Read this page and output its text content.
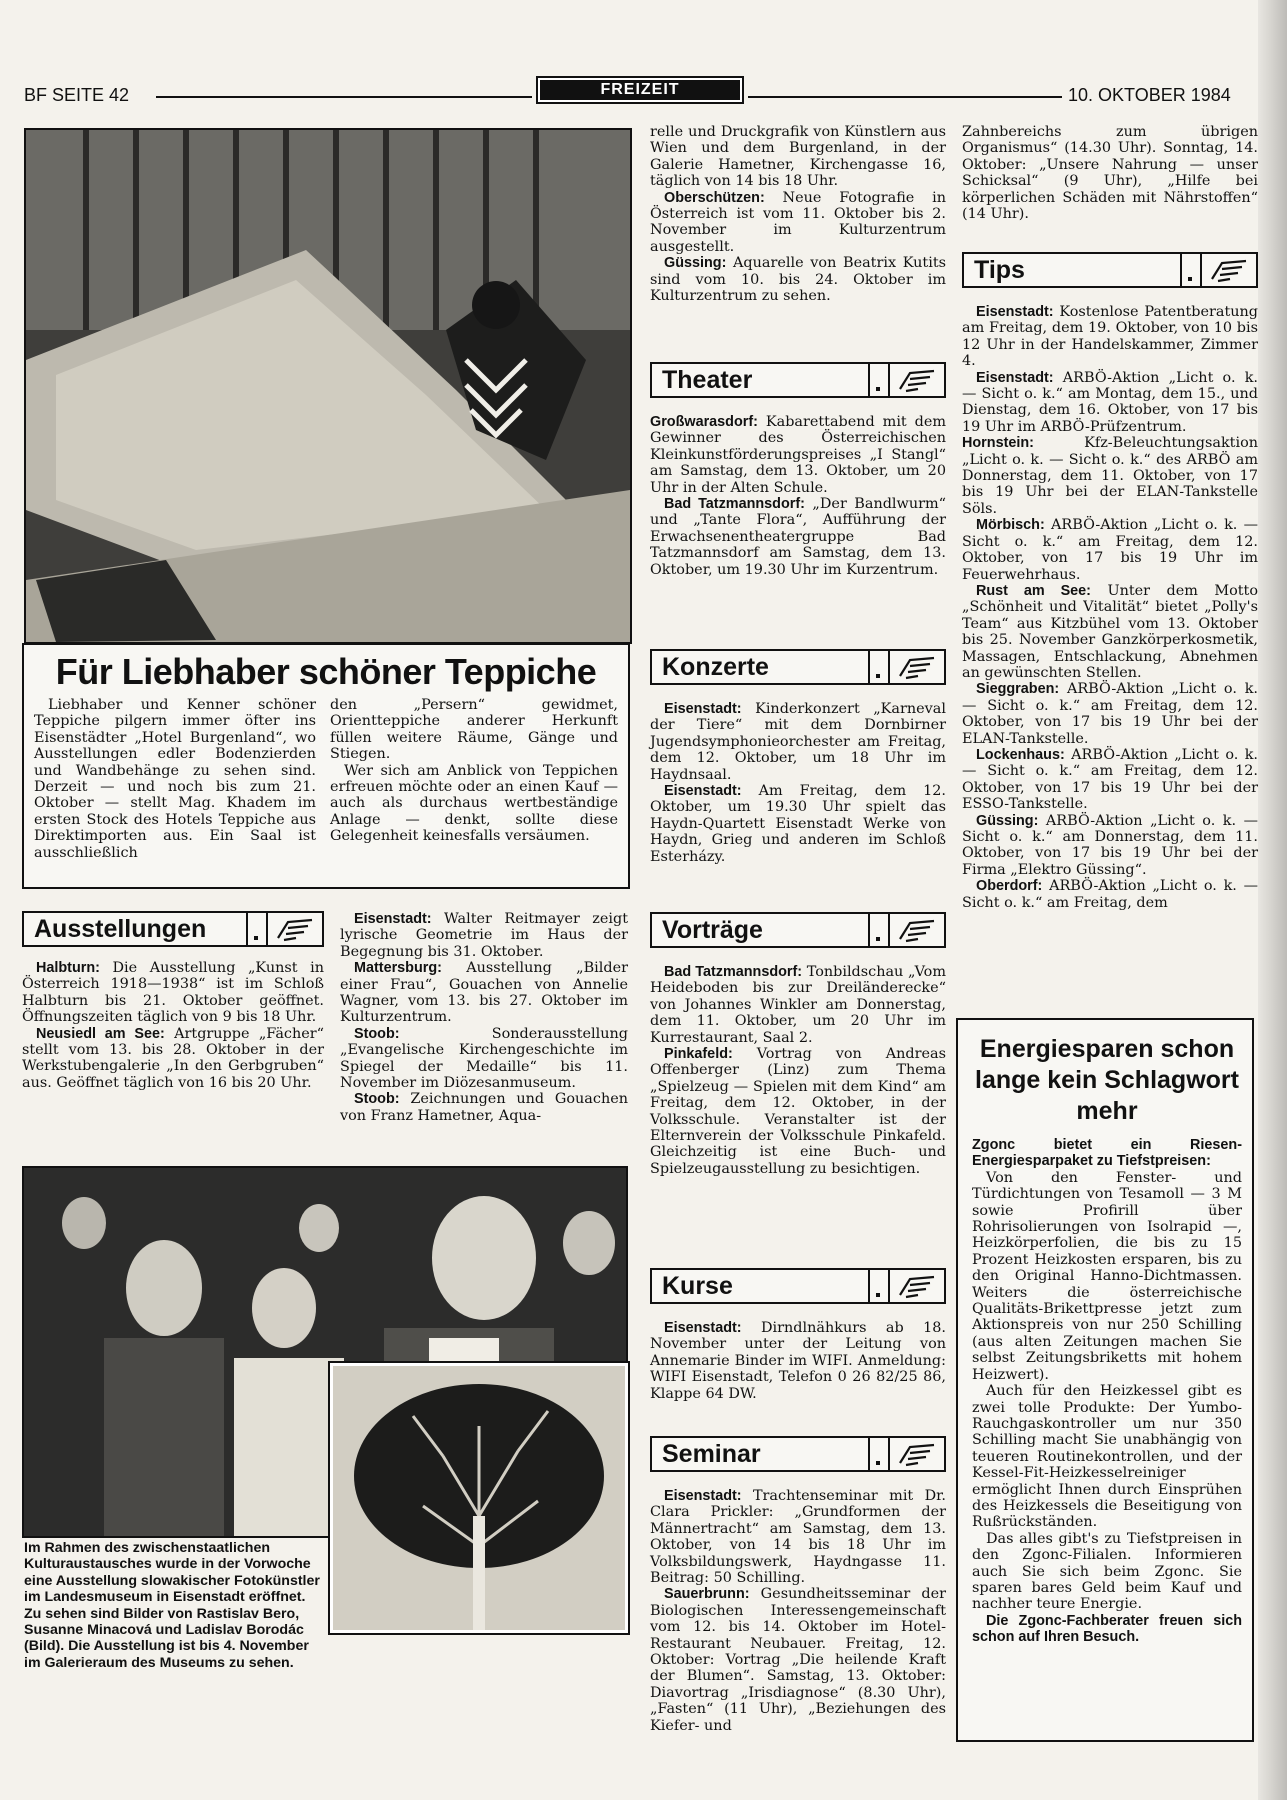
BF SEITE 42	FREIZEIT	10. OKTOBER 1984
Für Liebhaber schöner Teppiche

Liebhaber und Kenner schöner Teppiche pilgern immer öfter ins Eisenstädter „Hotel Burgenland“, wo Ausstellungen edler Bodenzierden und Wandbehänge zu sehen sind. Derzeit — und noch bis zum 21. Oktober — stellt Mag. Khadem im ersten Stock des Hotels Teppiche aus Direktimporten aus. Ein Saal ist ausschließlich

den „Persern“ gewidmet, Orientteppiche anderer Herkunft füllen weitere Räume, Gänge und Stiegen.

Wer sich am Anblick von Teppichen erfreuen möchte oder an einen Kauf — auch als durchaus wertbeständige Anlage — denkt, sollte diese Gelegenheit keinesfalls versäumen.

Ausstellungen

Halbturn: Die Ausstellung „Kunst in Österreich 1918—1938“ ist im Schloß Halbturn bis 21. Oktober geöffnet. Öffnungszeiten täglich von 9 bis 18 Uhr.

Neusiedl am See: Artgruppe „Fächer“ stellt vom 13. bis 28. Oktober in der Werkstubengalerie „In den Gerbgruben“ aus. Geöffnet täglich von 16 bis 20 Uhr.

Eisenstadt: Walter Reitmayer zeigt lyrische Geometrie im Haus der Begegnung bis 31. Oktober.

Mattersburg: Ausstellung „Bilder einer Frau“, Gouachen von Annelie Wagner, vom 13. bis 27. Oktober im Kulturzentrum.

Stoob: Sonderausstellung „Evangelische Kirchengeschichte im Spiegel der Medaille“ bis 11. November im Diözesanmuseum.

Stoob: Zeichnungen und Gouachen von Franz Hametner, Aqua-

Im Rahmen des zwischenstaatlichen Kulturaustausches wurde in der Vorwoche eine Ausstellung slowakischer Fotokünstler im Landesmuseum in Eisenstadt eröffnet. Zu sehen sind Bilder von Rastislav Bero, Susanne Minacová und Ladislav Borodác (Bild). Die Ausstellung ist bis 4. November im Galerieraum des Museums zu sehen.

relle und Druckgrafik von Künstlern aus Wien und dem Burgenland, in der Galerie Hametner, Kirchengasse 16, täglich von 14 bis 18 Uhr.

Oberschützen: Neue Fotografie in Österreich ist vom 11. Oktober bis 2. November im Kulturzentrum ausgestellt.

Güssing: Aquarelle von Beatrix Kutits sind vom 10. bis 24. Oktober im Kulturzentrum zu sehen.

Theater

Großwarasdorf: Kabarettabend mit dem Gewinner des Österreichischen Kleinkunstförderungspreises „I Stangl“ am Samstag, dem 13. Oktober, um 20 Uhr in der Alten Schule.

Bad Tatzmannsdorf: „Der Bandlwurm“ und „Tante Flora“, Aufführung der Erwachsenentheatergruppe Bad Tatzmannsdorf am Samstag, dem 13. Oktober, um 19.30 Uhr im Kurzentrum.

Konzerte

Eisenstadt: Kinderkonzert „Karneval der Tiere“ mit dem Dornbirner Jugendsymphonieorchester am Freitag, dem 12. Oktober, um 18 Uhr im Haydnsaal.

Eisenstadt: Am Freitag, dem 12. Oktober, um 19.30 Uhr spielt das Haydn-Quartett Eisenstadt Werke von Haydn, Grieg und anderen im Schloß Esterházy.

Vorträge

Bad Tatzmannsdorf: Tonbildschau „Vom Heideboden bis zur Dreiländerecke“ von Johannes Winkler am Donnerstag, dem 11. Oktober, um 20 Uhr im Kurrestaurant, Saal 2.

Pinkafeld: Vortrag von Andreas Offenberger (Linz) zum Thema „Spielzeug — Spielen mit dem Kind“ am Freitag, dem 12. Oktober, in der Volksschule. Veranstalter ist der Elternverein der Volksschule Pinkafeld. Gleichzeitig ist eine Buch- und Spielzeugausstellung zu besichtigen.

Kurse

Eisenstadt: Dirndlnähkurs ab 18. November unter der Leitung von Annemarie Binder im WIFI. Anmeldung: WIFI Eisenstadt, Telefon 0 26 82/25 86, Klappe 64 DW.

Seminar

Eisenstadt: Trachtenseminar mit Dr. Clara Prickler: „Grundformen der Männertracht“ am Samstag, dem 13. Oktober, von 14 bis 18 Uhr im Volksbildungswerk, Haydngasse 11. Beitrag: 50 Schilling.

Sauerbrunn: Gesundheitsseminar der Biologischen Interessengemeinschaft vom 12. bis 14. Oktober im Hotel-Restaurant Neubauer. Freitag, 12. Oktober: Vortrag „Die heilende Kraft der Blumen“. Samstag, 13. Oktober: Diavortrag „Irisdiagnose“ (8.30 Uhr), „Fasten“ (11 Uhr), „Beziehungen des Kiefer- und

Zahnbereichs zum übrigen Organismus“ (14.30 Uhr). Sonntag, 14. Oktober: „Unsere Nahrung — unser Schicksal“ (9 Uhr), „Hilfe bei körperlichen Schäden mit Nährstoffen“ (14 Uhr).

Tips

Eisenstadt: Kostenlose Patentberatung am Freitag, dem 19. Oktober, von 10 bis 12 Uhr in der Handelskammer, Zimmer 4.

Eisenstadt: ARBÖ-Aktion „Licht o. k. — Sicht o. k.“ am Montag, dem 15., und Dienstag, dem 16. Oktober, von 17 bis 19 Uhr im ARBÖ-Prüfzentrum.

Hornstein: Kfz-Beleuchtungsaktion „Licht o. k. — Sicht o. k.“ des ARBÖ am Donnerstag, dem 11. Oktober, von 17 bis 19 Uhr bei der ELAN-Tankstelle Söls.

Mörbisch: ARBÖ-Aktion „Licht o. k. — Sicht o. k.“ am Freitag, dem 12. Oktober, von 17 bis 19 Uhr im Feuerwehrhaus.

Rust am See: Unter dem Motto „Schönheit und Vitalität“ bietet „Polly's Team“ aus Kitzbühel vom 13. Oktober bis 25. November Ganzkörperkosmetik, Massagen, Entschlackung, Abnehmen an gewünschten Stellen.

Sieggraben: ARBÖ-Aktion „Licht o. k. — Sicht o. k.“ am Freitag, dem 12. Oktober, von 17 bis 19 Uhr bei der ELAN-Tankstelle.

Lockenhaus: ARBÖ-Aktion „Licht o. k. — Sicht o. k.“ am Freitag, dem 12. Oktober, von 17 bis 19 Uhr bei der ESSO-Tankstelle.

Güssing: ARBÖ-Aktion „Licht o. k. — Sicht o. k.“ am Donnerstag, dem 11. Oktober, von 17 bis 19 Uhr bei der Firma „Elektro Güssing“.

Oberdorf: ARBÖ-Aktion „Licht o. k. — Sicht o. k.“ am Freitag, dem

Energiesparen schon lange kein Schlagwort mehr

Zgonc bietet ein Riesen-Energiesparpaket zu Tiefstpreisen:

Von den Fenster- und Türdichtungen von Tesamoll — 3 M sowie Profirill über Rohrisolierungen von Isolrapid —, Heizkörperfolien, die bis zu 15 Prozent Heizkosten ersparen, bis zu den Original Hanno-Dichtmassen. Weiters die österreichische Qualitäts-Brikettpresse jetzt zum Aktionspreis von nur 250 Schilling (aus alten Zeitungen machen Sie selbst Zeitungsbriketts mit hohem Heizwert).

Auch für den Heizkessel gibt es zwei tolle Produkte: Der Yumbo-Rauchgaskontroller um nur 350 Schilling macht Sie unabhängig von teueren Routinekontrollen, und der Kessel-Fit-Heizkesselreiniger ermöglicht Ihnen durch Einsprühen des Heizkessels die Beseitigung von Rußrückständen.

Das alles gibt's zu Tiefstpreisen in den Zgonc-Filialen. Informieren auch Sie sich beim Zgonc. Sie sparen bares Geld beim Kauf und nachher teure Energie.

Die Zgonc-Fachberater freuen sich schon auf Ihren Besuch.
